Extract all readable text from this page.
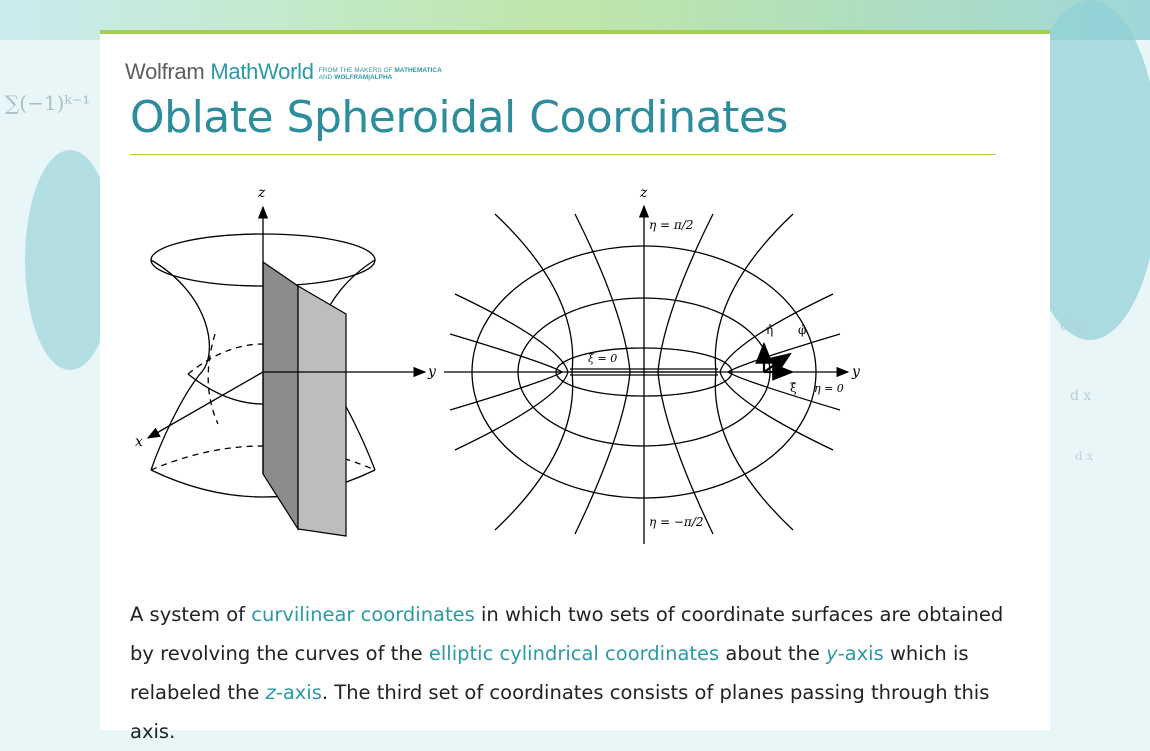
∑(−1)ᵏ⁻¹
d x
d x
d x
Wolfram MathWorld FROM THE MAKERS OF MATHEMATICA
AND WOLFRAM|ALPHA
Oblate Spheroidal Coordinates
z
y
x
z
y
η = π/2
η = −π/2
ξ = 0
η = 0
η̂ φ̂
ξ̂

A system of curvilinear coordinates in which two sets of coordinate surfaces are obtained by revolving the curves of the elliptic cylindrical coordinates about the y-axis which is relabeled the z-axis. The third set of coordinates consists of planes passing through this axis.
